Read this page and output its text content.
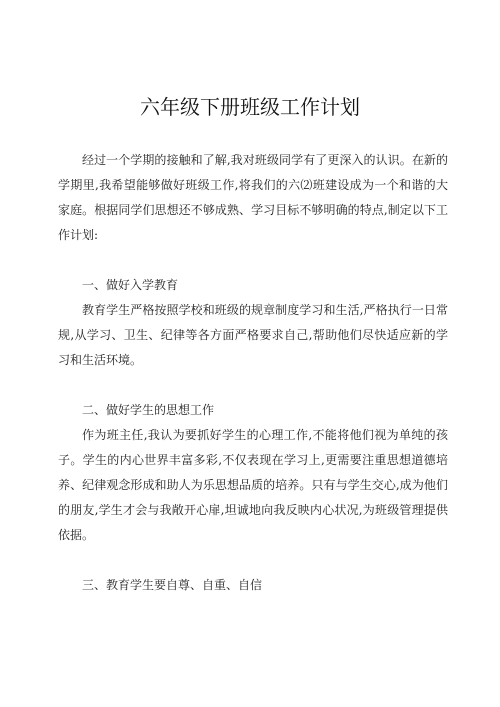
六年级下册班级工作计划

经过一个学期的接触和了解,我对班级同学有了更深入的认识。在新的学期里,我希望能够做好班级工作,将我们的六⑵班建设成为一个和谐的大家庭。根据同学们思想还不够成熟、学习目标不够明确的特点,制定以下工作计划:

一、做好入学教育

教育学生严格按照学校和班级的规章制度学习和生活,严格执行一日常规,从学习、卫生、纪律等各方面严格要求自己,帮助他们尽快适应新的学习和生活环境。

二、做好学生的思想工作

作为班主任,我认为要抓好学生的心理工作,不能将他们视为单纯的孩子。学生的内心世界丰富多彩,不仅表现在学习上,更需要注重思想道德培养、纪律观念形成和助人为乐思想品质的培养。只有与学生交心,成为他们的朋友,学生才会与我敞开心扉,坦诚地向我反映内心状况,为班级管理提供依据。

三、教育学生要自尊、自重、自信
